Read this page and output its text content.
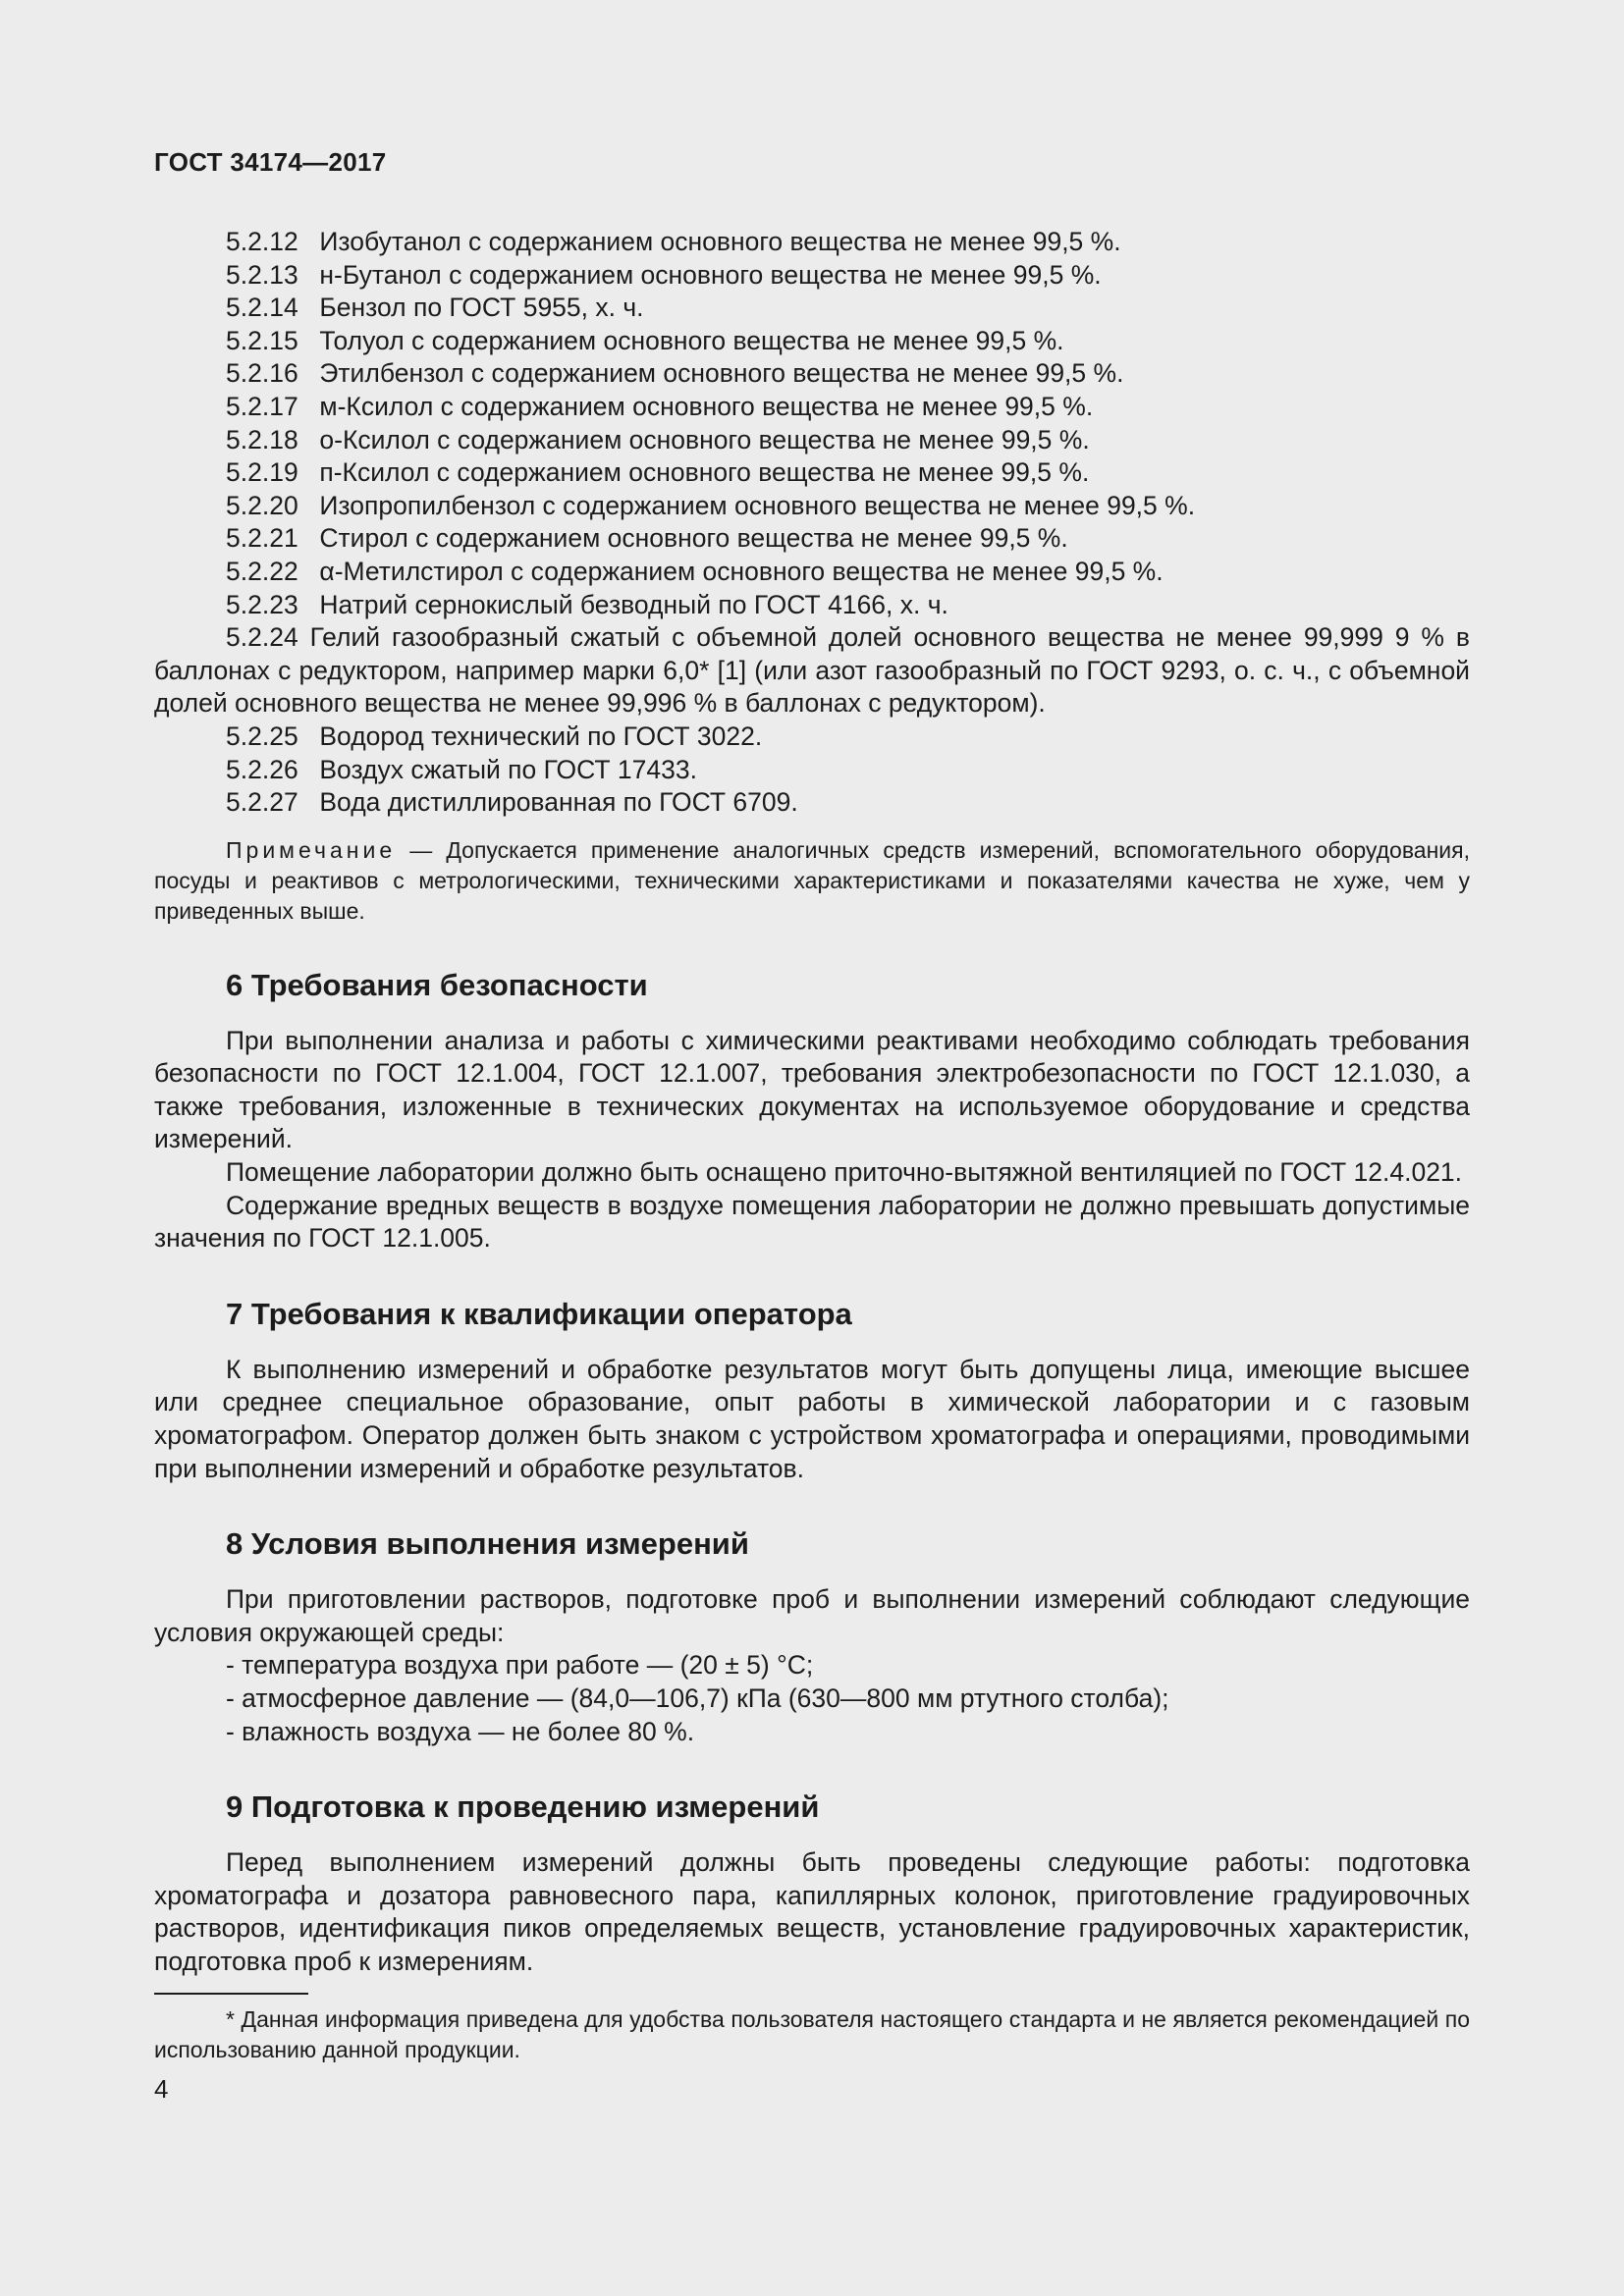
ГОСТ 34174—2017

5.2.12 Изобутанол с содержанием основного вещества не менее 99,5 %.

5.2.13 н-Бутанол с содержанием основного вещества не менее 99,5 %.

5.2.14 Бензол по ГОСТ 5955, х. ч.

5.2.15 Толуол с содержанием основного вещества не менее 99,5 %.

5.2.16 Этилбензол с содержанием основного вещества не менее 99,5 %.

5.2.17 м-Ксилол с содержанием основного вещества не менее 99,5 %.

5.2.18 о-Ксилол с содержанием основного вещества не менее 99,5 %.

5.2.19 п-Ксилол с содержанием основного вещества не менее 99,5 %.

5.2.20 Изопропилбензол с содержанием основного вещества не менее 99,5 %.

5.2.21 Стирол с содержанием основного вещества не менее 99,5 %.

5.2.22 α-Метилстирол с содержанием основного вещества не менее 99,5 %.

5.2.23 Натрий сернокислый безводный по ГОСТ 4166, х. ч.

5.2.24 Гелий газообразный сжатый с объемной долей основного вещества не менее 99,999 9 % в баллонах с редуктором, например марки 6,0* [1] (или азот газообразный по ГОСТ 9293, о. с. ч., с объемной долей основного вещества не менее 99,996 % в баллонах с редуктором).

5.2.25 Водород технический по ГОСТ 3022.

5.2.26 Воздух сжатый по ГОСТ 17433.

5.2.27 Вода дистиллированная по ГОСТ 6709.

Примечание — Допускается применение аналогичных средств измерений, вспомогательного оборудования, посуды и реактивов с метрологическими, техническими характеристиками и показателями качества не хуже, чем у приведенных выше.

6 Требования безопасности

При выполнении анализа и работы с химическими реактивами необходимо соблюдать требования безопасности по ГОСТ 12.1.004, ГОСТ 12.1.007, требования электробезопасности по ГОСТ 12.1.030, а также требования, изложенные в технических документах на используемое оборудование и средства измерений.

Помещение лаборатории должно быть оснащено приточно-вытяжной вентиляцией по ГОСТ 12.4.021.

Содержание вредных веществ в воздухе помещения лаборатории не должно превышать допустимые значения по ГОСТ 12.1.005.

7 Требования к квалификации оператора

К выполнению измерений и обработке результатов могут быть допущены лица, имеющие высшее или среднее специальное образование, опыт работы в химической лаборатории и с газовым хроматографом. Оператор должен быть знаком с устройством хроматографа и операциями, проводимыми при выполнении измерений и обработке результатов.

8 Условия выполнения измерений

При приготовлении растворов, подготовке проб и выполнении измерений соблюдают следующие условия окружающей среды:

- температура воздуха при работе — (20 ± 5) °С;

- атмосферное давление — (84,0—106,7) кПа (630—800 мм ртутного столба);

- влажность воздуха — не более 80 %.

9 Подготовка к проведению измерений

Перед выполнением измерений должны быть проведены следующие работы: подготовка хроматографа и дозатора равновесного пара, капиллярных колонок, приготовление градуировочных растворов, идентификация пиков определяемых веществ, установление градуировочных характеристик, подготовка проб к измерениям.

* Данная информация приведена для удобства пользователя настоящего стандарта и не является рекомендацией по использованию данной продукции.

4
